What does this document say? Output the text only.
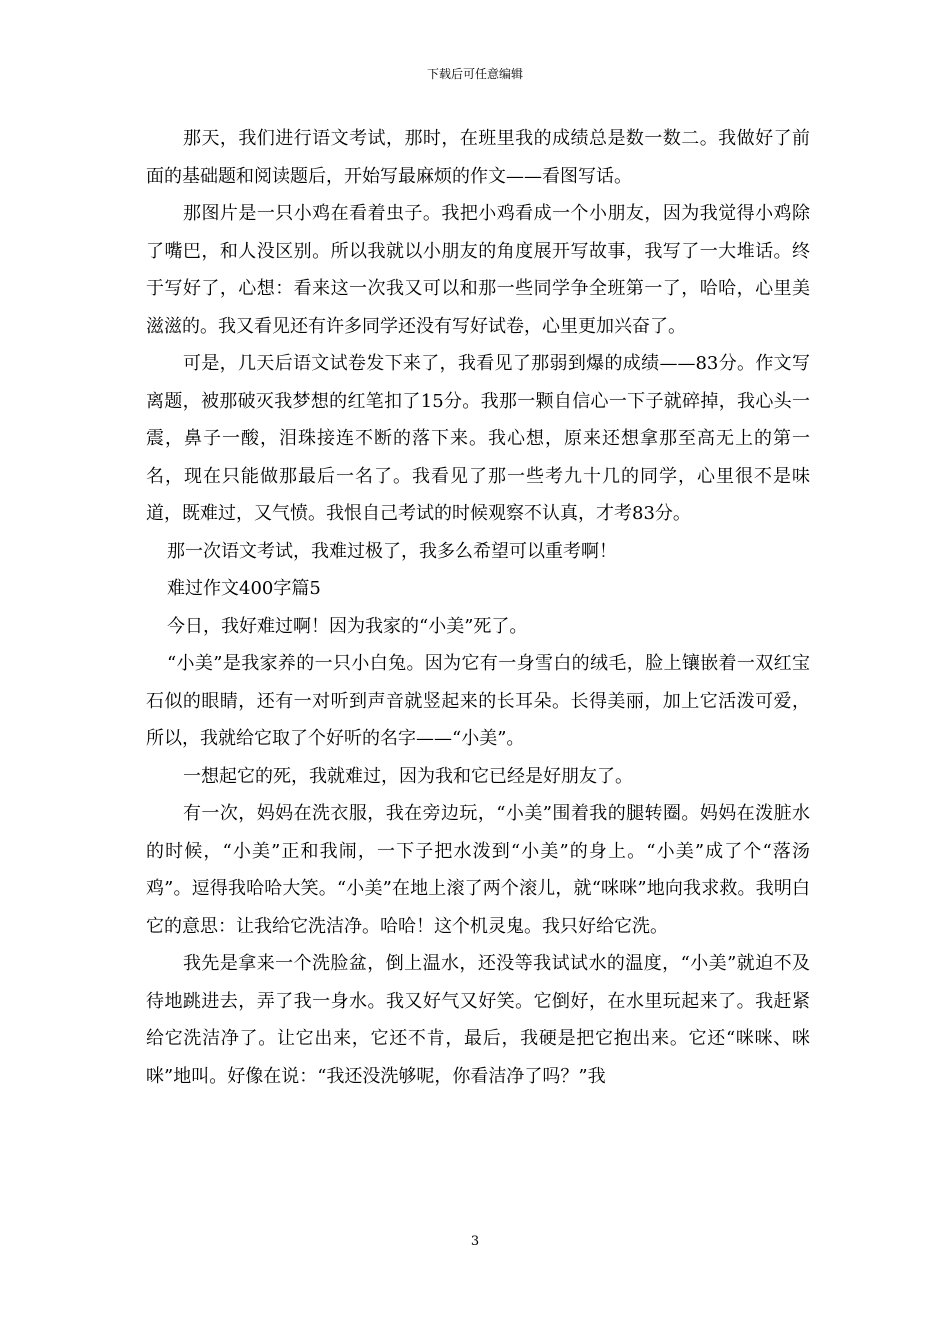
下载后可任意编辑

那天，我们进行语文考试，那时，在班里我的成绩总是数一数二。我做好了前面的基础题和阅读题后，开始写最麻烦的作文——看图写话。

那图片是一只小鸡在看着虫子。我把小鸡看成一个小朋友，因为我觉得小鸡除了嘴巴，和人没区别。所以我就以小朋友的角度展开写故事，我写了一大堆话。终于写好了，心想：看来这一次我又可以和那一些同学争全班第一了，哈哈，心里美滋滋的。我又看见还有许多同学还没有写好试卷，心里更加兴奋了。

可是，几天后语文试卷发下来了，我看见了那弱到爆的成绩——83分。作文写离题，被那破灭我梦想的红笔扣了15分。我那一颗自信心一下子就碎掉，我心头一震，鼻子一酸，泪珠接连不断的落下来。我心想，原来还想拿那至高无上的第一名，现在只能做那最后一名了。我看见了那一些考九十几的同学，心里很不是味道，既难过，又气愤。我恨自己考试的时候观察不认真，才考83分。

那一次语文考试，我难过极了，我多么希望可以重考啊！

难过作文400字篇5

今日，我好难过啊！因为我家的“小美”死了。

“小美”是我家养的一只小白兔。因为它有一身雪白的绒毛，脸上镶嵌着一双红宝石似的眼睛，还有一对听到声音就竖起来的长耳朵。长得美丽，加上它活泼可爱，所以，我就给它取了个好听的名字——“小美”。

一想起它的死，我就难过，因为我和它已经是好朋友了。

有一次，妈妈在洗衣服，我在旁边玩，“小美”围着我的腿转圈。妈妈在泼脏水的时候，“小美”正和我闹，一下子把水泼到“小美”的身上。“小美”成了个“落汤鸡”。逗得我哈哈大笑。“小美”在地上滚了两个滚儿，就“咪咪”地向我求救。我明白它的意思：让我给它洗洁净。哈哈！这个机灵鬼。我只好给它洗。

我先是拿来一个洗脸盆，倒上温水，还没等我试试水的温度，“小美”就迫不及待地跳进去，弄了我一身水。我又好气又好笑。它倒好，在水里玩起来了。我赶紧给它洗洁净了。让它出来，它还不肯，最后，我硬是把它抱出来。它还“咪咪、咪咪”地叫。好像在说：“我还没洗够呢，你看洁净了吗？”我

3
